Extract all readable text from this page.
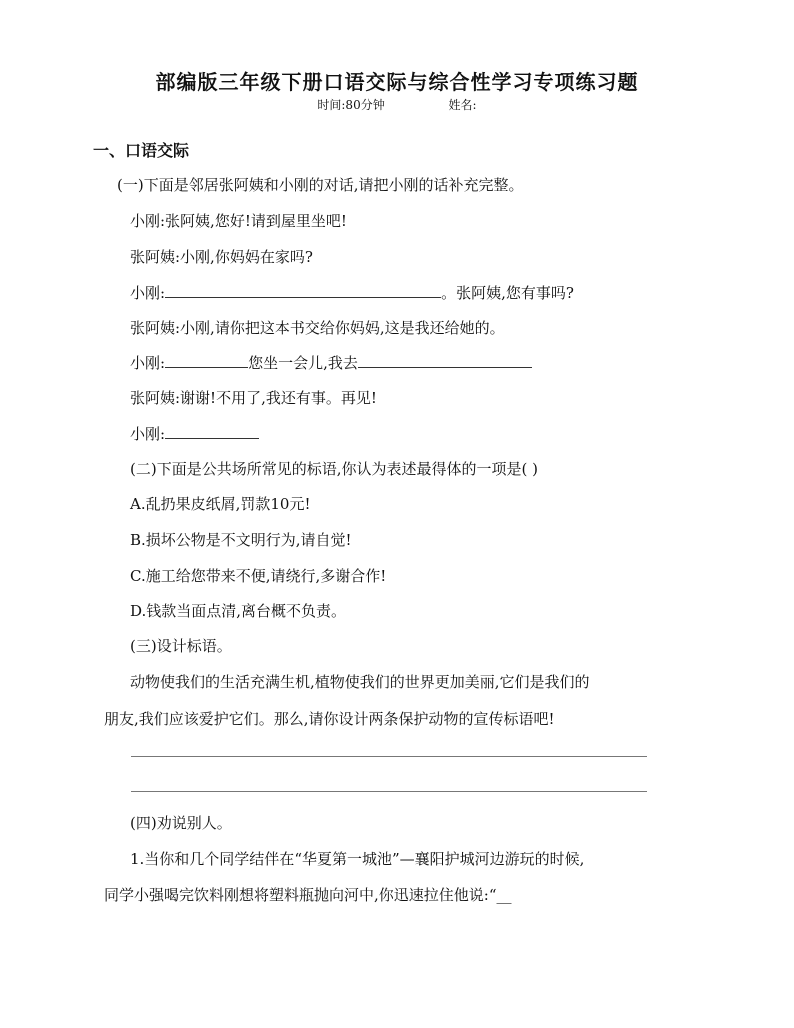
部编版三年级下册口语交际与综合性学习专项练习题
时间:80分钟	姓名:
一、口语交际
(一)下面是邻居张阿姨和小刚的对话,请把小刚的话补充完整。
小刚:张阿姨,您好!请到屋里坐吧!
张阿姨:小刚,你妈妈在家吗?
小刚:	。张阿姨,您有事吗?
张阿姨:小刚,请你把这本书交给你妈妈,这是我还给她的。
小刚:	您坐一会儿,我去
张阿姨:谢谢!不用了,我还有事。再见!
小刚:
(二)下面是公共场所常见的标语,你认为表述最得体的一项是( )
A.乱扔果皮纸屑,罚款10元!
B.损坏公物是不文明行为,请自觉!
C.施工给您带来不便,请绕行,多谢合作!
D.钱款当面点清,离台概不负责。
(三)设计标语。
动物使我们的生活充满生机,植物使我们的世界更加美丽,它们是我们的
朋友,我们应该爱护它们。那么,请你设计两条保护动物的宣传标语吧!
(四)劝说别人。
1.当你和几个同学结伴在“华夏第一城池”—襄阳护城河边游玩的时候,
同学小强喝完饮料刚想将塑料瓶抛向河中,你迅速拉住他说:“__
